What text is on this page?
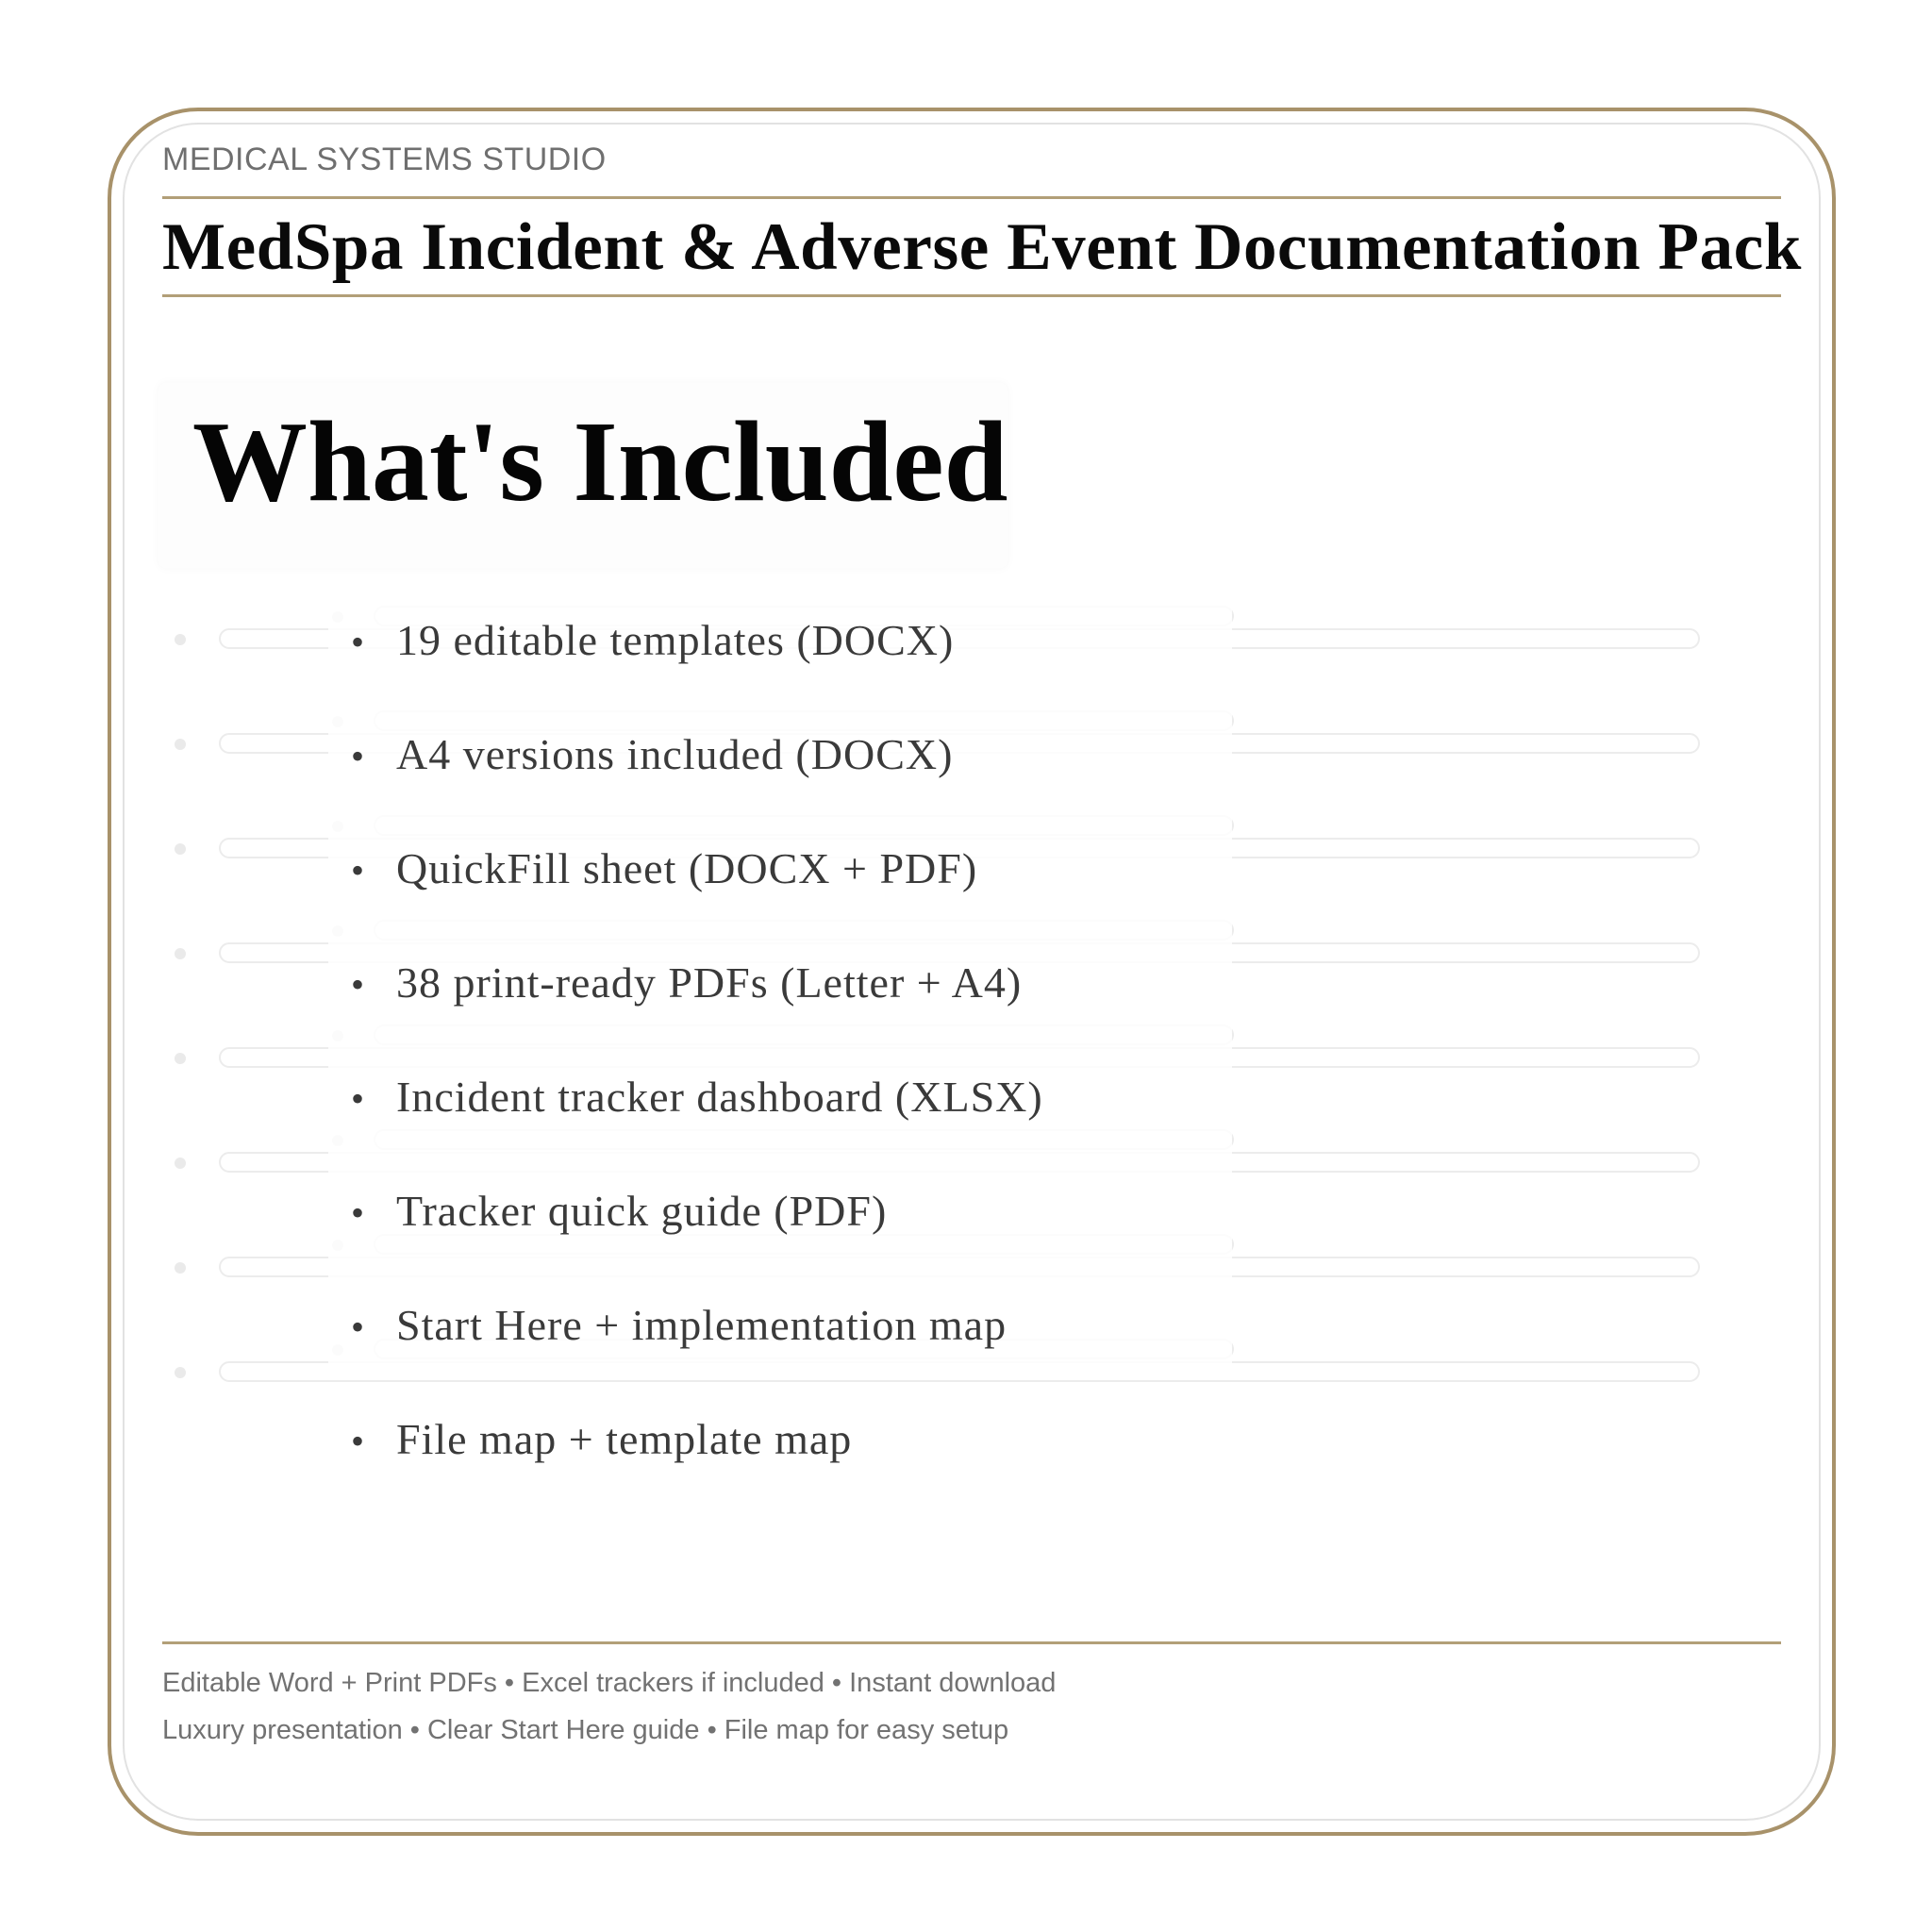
MEDICAL SYSTEMS STUDIO
MedSpa Incident & Adverse Event Documentation Pack
What's Included
• 19 editable templates (DOCX)
• A4 versions included (DOCX)
• QuickFill sheet (DOCX + PDF)
• 38 print-ready PDFs (Letter + A4)
• Incident tracker dashboard (XLSX)
• Tracker quick guide (PDF)
• Start Here + implementation map
• File map + template map
Editable Word + Print PDFs • Excel trackers if included • Instant download
Luxury presentation • Clear Start Here guide • File map for easy setup
